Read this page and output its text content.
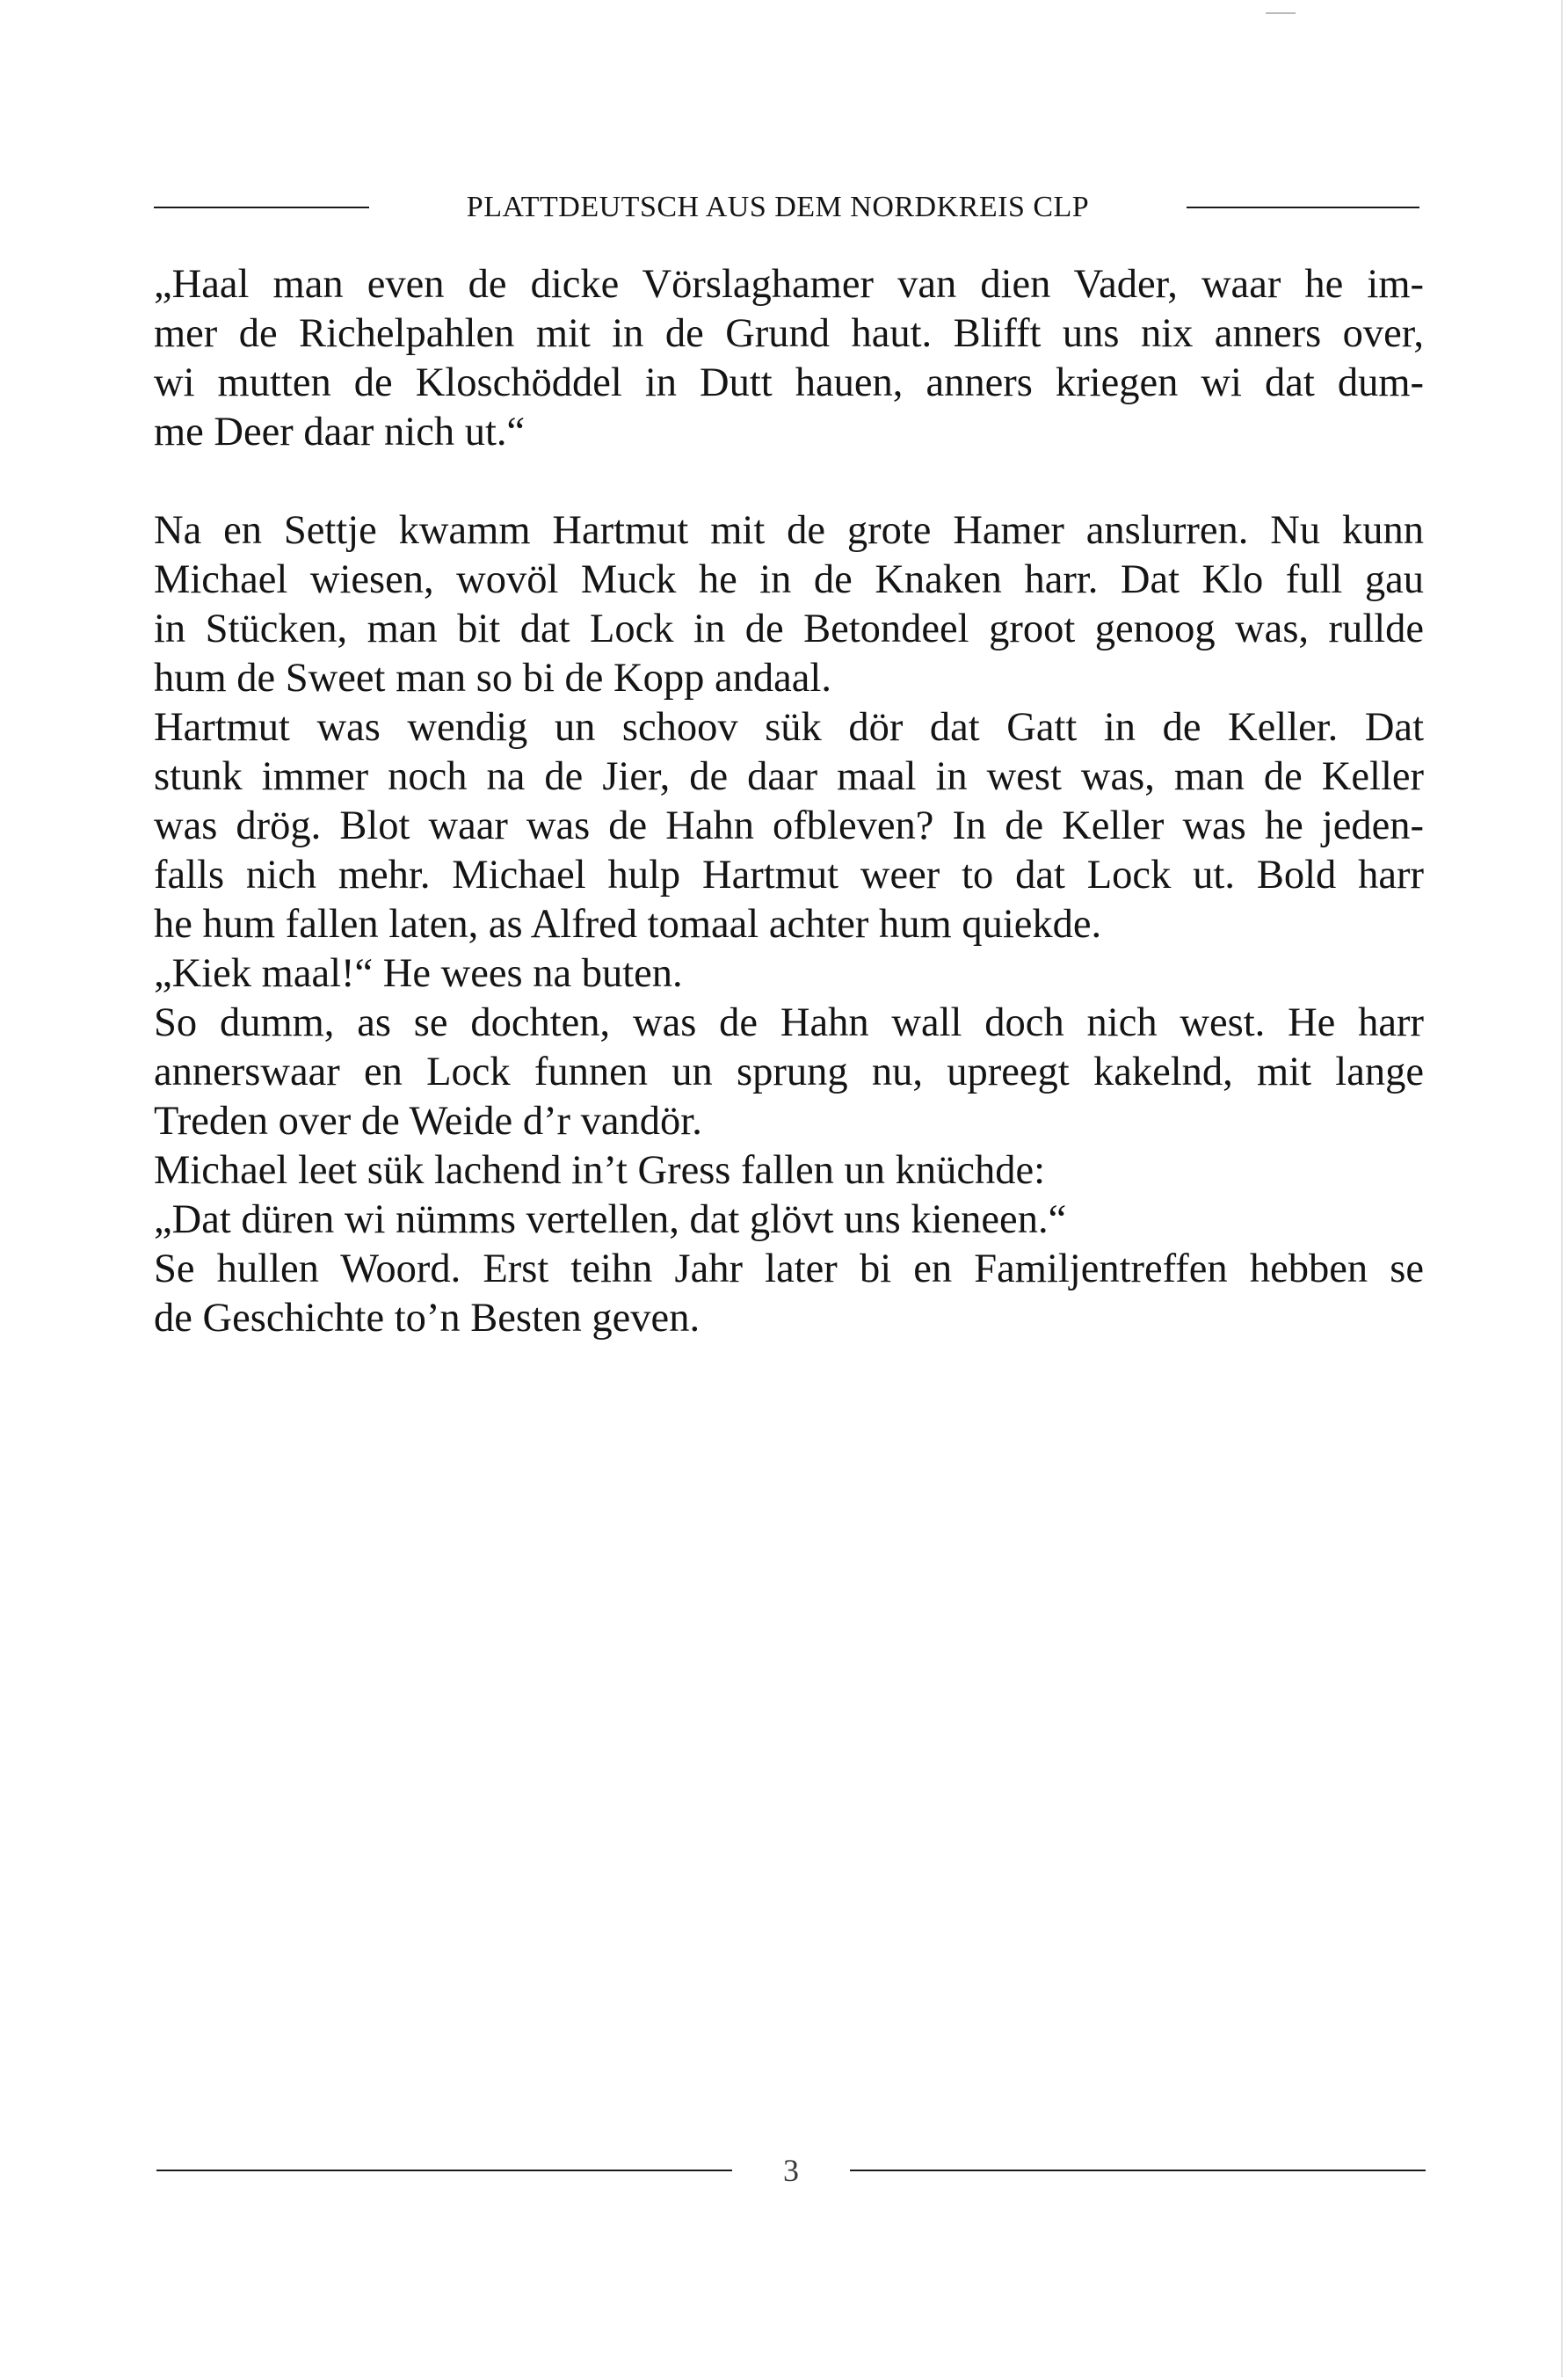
PLATTDEUTSCH AUS DEM NORDKREIS CLP
„Haal man even de dicke Vörslaghamer van dien Vader, waar he im-
mer de Richelpahlen mit in de Grund haut. Blifft uns nix anners over,
wi mutten de Kloschöddel in Dutt hauen, anners kriegen wi dat dum-
me Deer daar nich ut.“
Na en Settje kwamm Hartmut mit de grote Hamer anslurren. Nu kunn
Michael wiesen, wovöl Muck he in de Knaken harr. Dat Klo full gau
in Stücken, man bit dat Lock in de Betondeel groot genoog was, rullde
hum de Sweet man so bi de Kopp andaal.
Hartmut was wendig un schoov sük dör dat Gatt in de Keller. Dat
stunk immer noch na de Jier, de daar maal in west was, man de Keller
was drög. Blot waar was de Hahn ofbleven? In de Keller was he jeden-
falls nich mehr. Michael hulp Hartmut weer to dat Lock ut. Bold harr
he hum fallen laten, as Alfred tomaal achter hum quiekde.
„Kiek maal!“ He wees na buten.
So dumm, as se dochten, was de Hahn wall doch nich west. He harr
annerswaar en Lock funnen un sprung nu, upreegt kakelnd, mit lange
Treden over de Weide d’r vandör.
Michael leet sük lachend in’t Gress fallen un knüchde:
„Dat düren wi nümms vertellen, dat glövt uns kieneen.“
Se hullen Woord. Erst teihn Jahr later bi en Familjentreffen hebben se
de Geschichte to’n Besten geven.
3
